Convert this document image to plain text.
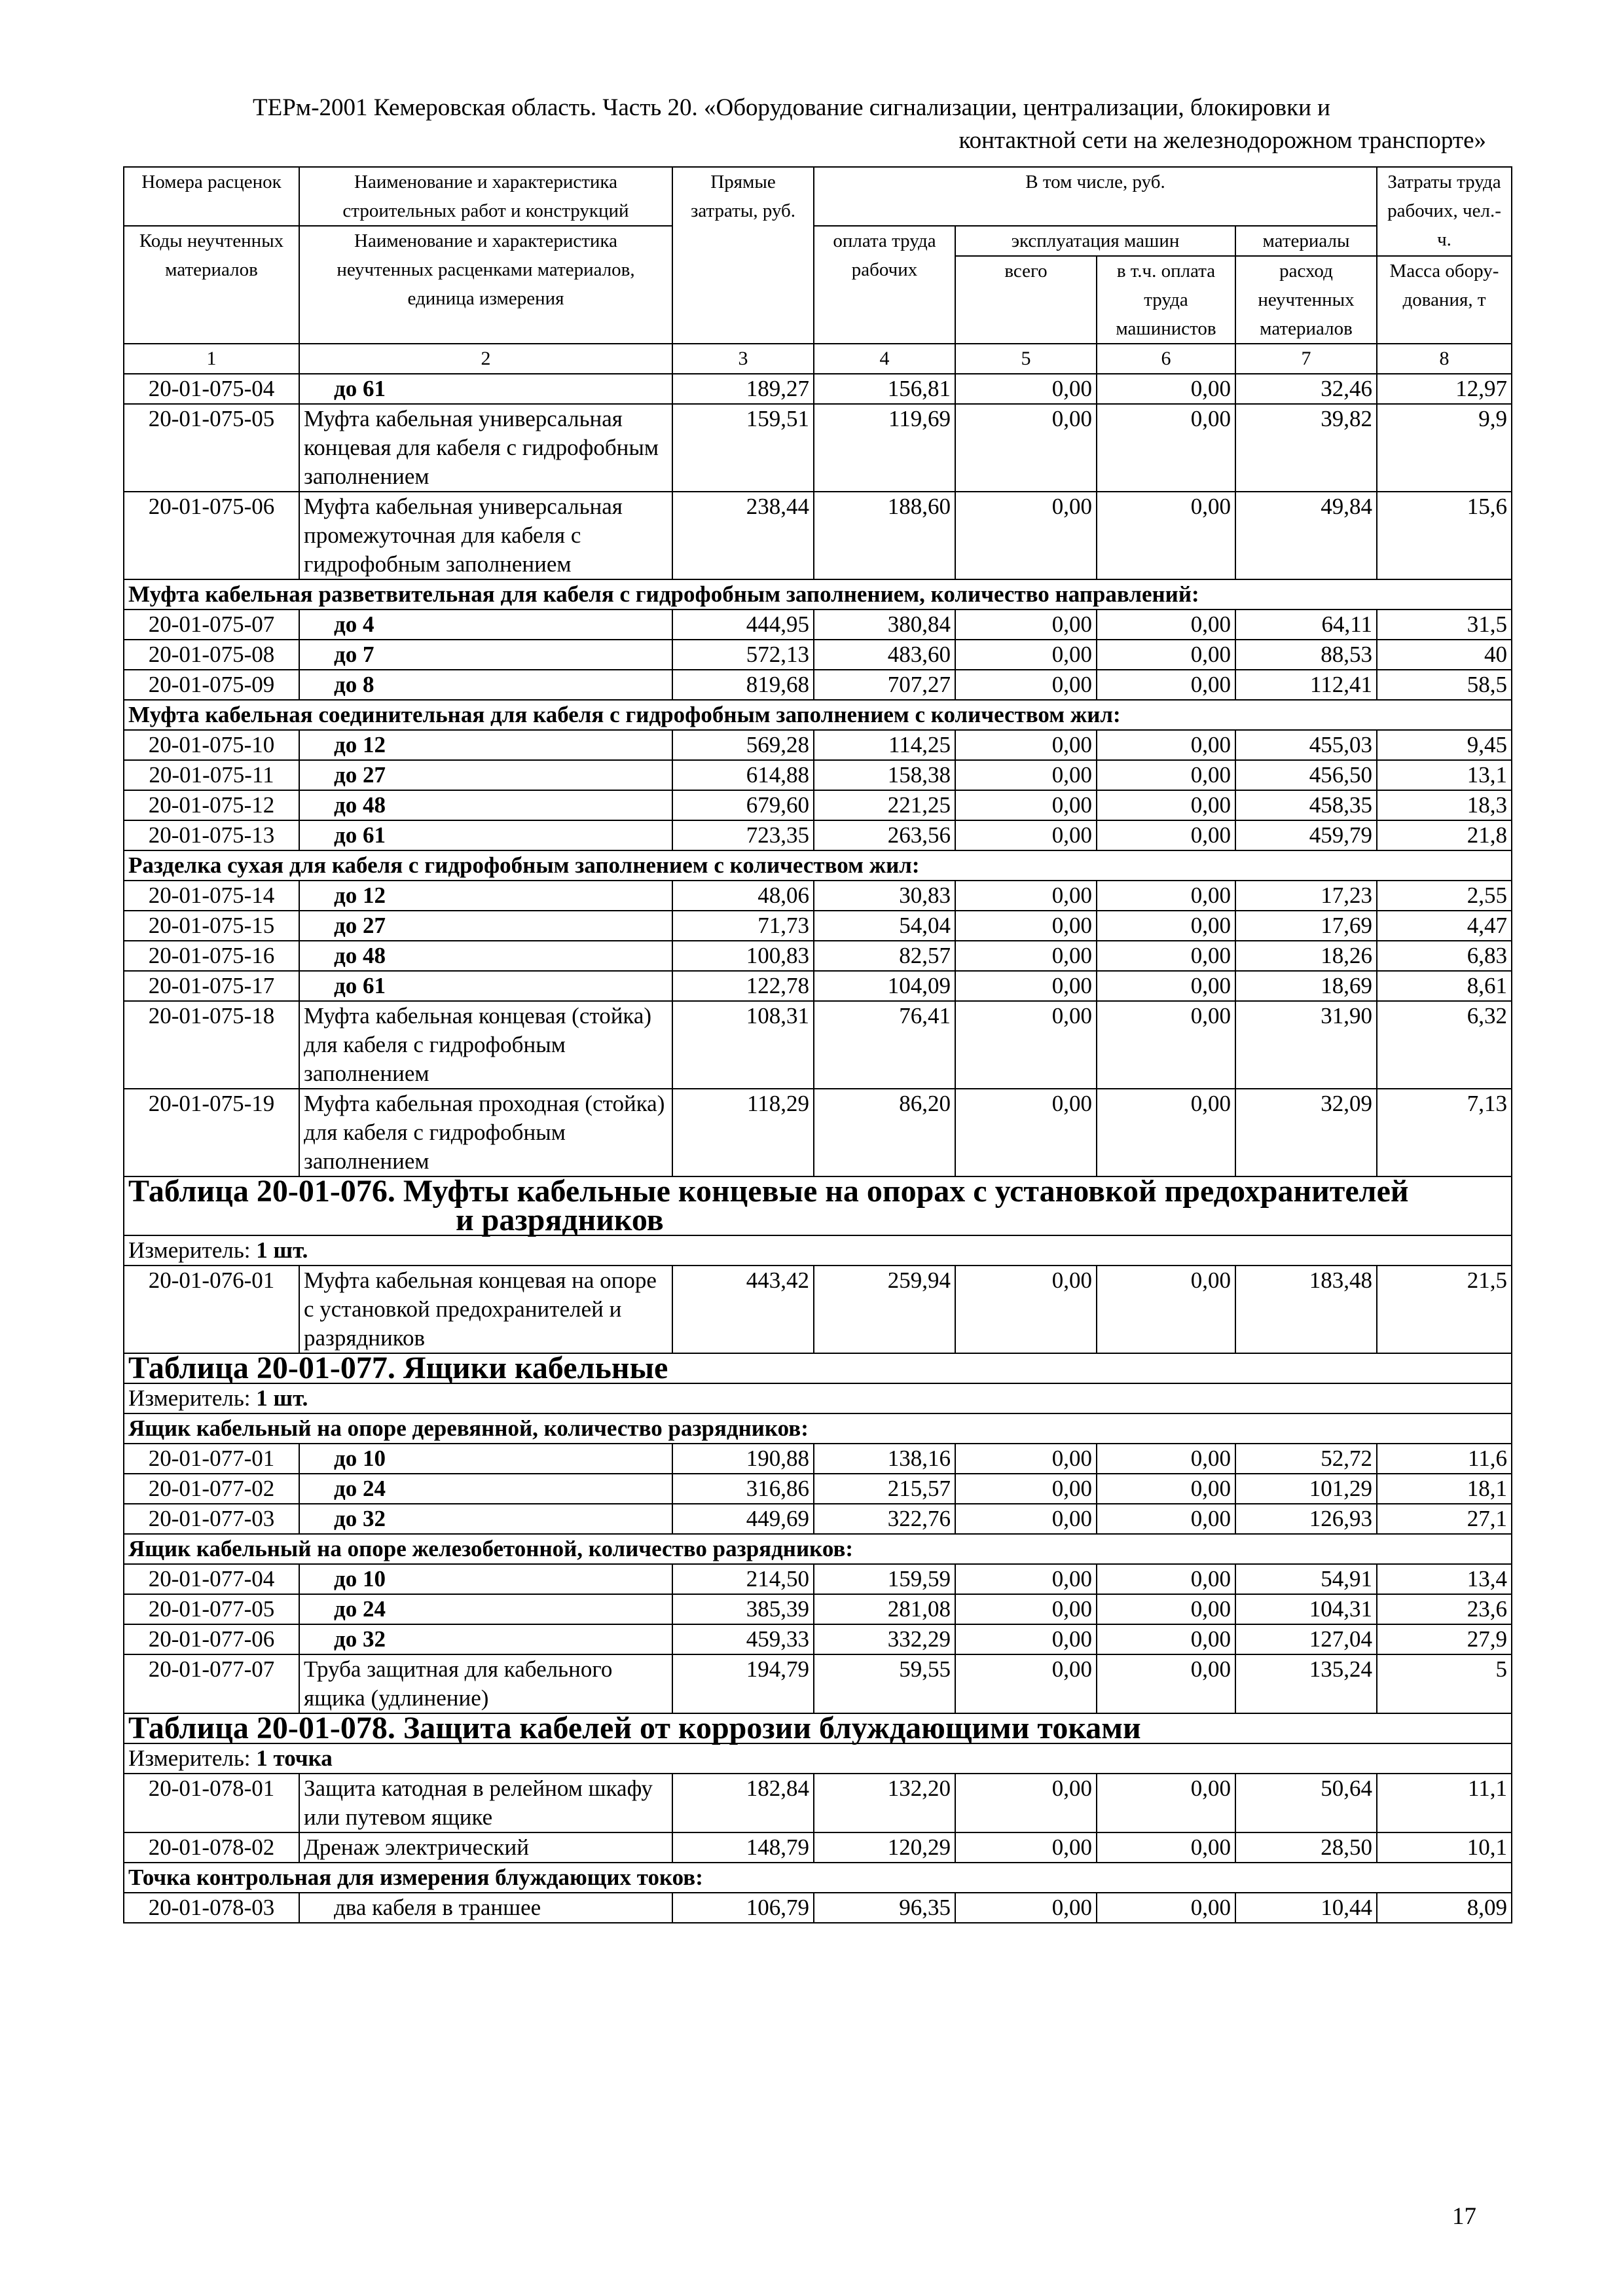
ТЕРм-2001 Кемеровская область. Часть 20. «Оборудование сигнализации, централизации, блокировки и
контактной сети на железнодорожном транспорте»
Номера расценок	Наименование и характеристика строительных работ и конструкций	Прямые затраты, руб.	В том числе, руб.				Затраты труда рабочих, чел.-ч.
Коды неучтенных материалов	Наименование и характеристика неучтенных расценками материалов, единица измерения		оплата труда рабочих	эксплуатация машин		материалы	
				всего	в т.ч. оплата труда машинистов	расход неучтенных материалов	Масса обору-дования, т
1	2	3	4	5	6	7	8
20-01-075-04	до 61	189,27	156,81	0,00	0,00	32,46	12,97
20-01-075-05	Муфта кабельная универсальная концевая для кабеля с гидрофобным заполнением	159,51	119,69	0,00	0,00	39,82	9,9
20-01-075-06	Муфта кабельная универсальная промежуточная для кабеля с гидрофобным заполнением	238,44	188,60	0,00	0,00	49,84	15,6
Муфта кабельная разветвительная для кабеля с гидрофобным заполнением, количество направлений:							
20-01-075-07	до 4	444,95	380,84	0,00	0,00	64,11	31,5
20-01-075-08	до 7	572,13	483,60	0,00	0,00	88,53	40
20-01-075-09	до 8	819,68	707,27	0,00	0,00	112,41	58,5
Муфта кабельная соединительная для кабеля с гидрофобным заполнением с количеством жил:							
20-01-075-10	до 12	569,28	114,25	0,00	0,00	455,03	9,45
20-01-075-11	до 27	614,88	158,38	0,00	0,00	456,50	13,1
20-01-075-12	до 48	679,60	221,25	0,00	0,00	458,35	18,3
20-01-075-13	до 61	723,35	263,56	0,00	0,00	459,79	21,8
Разделка сухая для кабеля с гидрофобным заполнением с количеством жил:							
20-01-075-14	до 12	48,06	30,83	0,00	0,00	17,23	2,55
20-01-075-15	до 27	71,73	54,04	0,00	0,00	17,69	4,47
20-01-075-16	до 48	100,83	82,57	0,00	0,00	18,26	6,83
20-01-075-17	до 61	122,78	104,09	0,00	0,00	18,69	8,61
20-01-075-18	Муфта кабельная концевая (стойка) для кабеля с гидрофобным заполнением	108,31	76,41	0,00	0,00	31,90	6,32
20-01-075-19	Муфта кабельная проходная (стойка) для кабеля с гидрофобным заполнением	118,29	86,20	0,00	0,00	32,09	7,13
Таблица 20-01-076. Муфты кабельные концевые на опорах с установкой предохранителей
и разрядников							

Измеритель: 1 шт.							
20-01-076-01	Муфта кабельная концевая на опоре с установкой предохранителей и разрядников	443,42	259,94	0,00	0,00	183,48	21,5
Таблица 20-01-077. Ящики кабельные							
Измеритель: 1 шт.							
Ящик кабельный на опоре деревянной, количество разрядников:							
20-01-077-01	до 10	190,88	138,16	0,00	0,00	52,72	11,6
20-01-077-02	до 24	316,86	215,57	0,00	0,00	101,29	18,1
20-01-077-03	до 32	449,69	322,76	0,00	0,00	126,93	27,1
Ящик кабельный на опоре железобетонной, количество разрядников:							
20-01-077-04	до 10	214,50	159,59	0,00	0,00	54,91	13,4
20-01-077-05	до 24	385,39	281,08	0,00	0,00	104,31	23,6
20-01-077-06	до 32	459,33	332,29	0,00	0,00	127,04	27,9
20-01-077-07	Труба защитная для кабельного ящика (удлинение)	194,79	59,55	0,00	0,00	135,24	5
Таблица 20-01-078. Защита кабелей от коррозии блуждающими токами							
Измеритель: 1 точка							
20-01-078-01	Защита катодная в релейном шкафу или путевом ящике	182,84	132,20	0,00	0,00	50,64	11,1
20-01-078-02	Дренаж электрический	148,79	120,29	0,00	0,00	28,50	10,1
Точка контрольная для измерения блуждающих токов:							
20-01-078-03	два кабеля в траншее	106,79	96,35	0,00	0,00	10,44	8,09
17
